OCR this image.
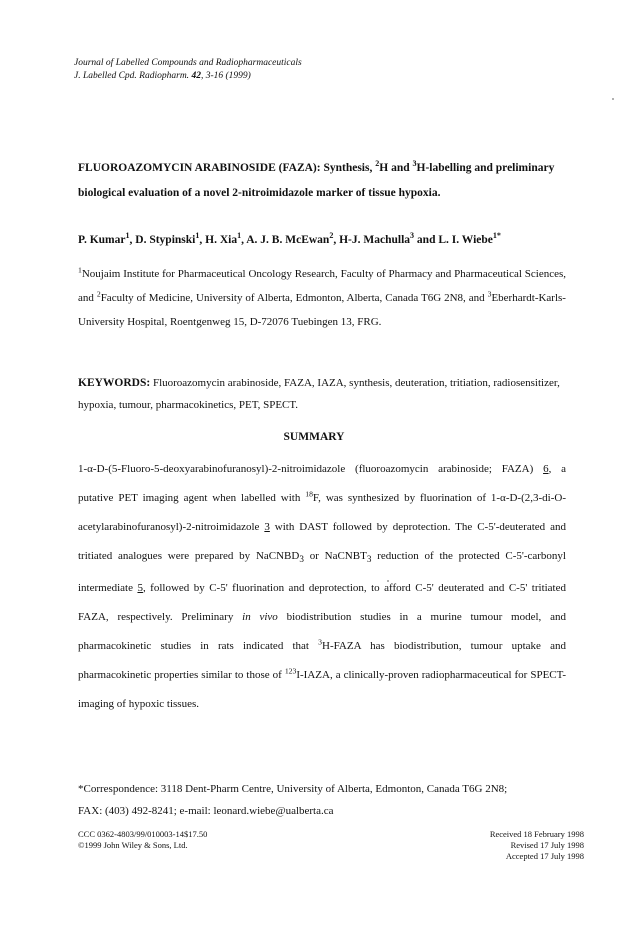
Journal of Labelled Compounds and Radiopharmaceuticals
J. Labelled Cpd. Radiopharm. 42, 3-16 (1999)
FLUOROAZOMYCIN ARABINOSIDE (FAZA): Synthesis, $^2$H and $^3$H-labelling and preliminary biological evaluation of a novel 2-nitroimidazole marker of tissue hypoxia.
P. Kumar$^1$, D. Stypinski$^1$, H. Xia$^1$, A. J. B. McEwan$^2$, H-J. Machulla$^3$ and L. I. Wiebe$^{1*}$
$^1$Noujaim Institute for Pharmaceutical Oncology Research, Faculty of Pharmacy and Pharmaceutical Sciences, and $^2$Faculty of Medicine, University of Alberta, Edmonton, Alberta, Canada T6G 2N8, and $^3$Eberhardt-Karls-University Hospital, Roentgenweg 15, D-72076 Tuebingen 13, FRG.
KEYWORDS: Fluoroazomycin arabinoside, FAZA, IAZA, synthesis, deuteration, tritiation, radiosensitizer, hypoxia, tumour, pharmacokinetics, PET, SPECT.
SUMMARY
1-α-D-(5-Fluoro-5-deoxyarabinofuranosyl)-2-nitroimidazole (fluoroazomycin arabinoside; FAZA) 6, a putative PET imaging agent when labelled with $^{18}$F, was synthesized by fluorination of 1-α-D-(2,3-di-O-acetylarabinofuranosyl)-2-nitroimidazole 3 with DAST followed by deprotection. The C-5'-deuterated and tritiated analogues were prepared by NaCNBD$_3$ or NaCNBT$_3$ reduction of the protected C-5'-carbonyl intermediate 5, followed by C-5' fluorination and deprotection, to afford C-5' deuterated and C-5' tritiated FAZA, respectively. Preliminary in vivo biodistribution studies in a murine tumour model, and pharmacokinetic studies in rats indicated that $^3$H-FAZA has biodistribution, tumour uptake and pharmacokinetic properties similar to those of $^{123}$I-IAZA, a clinically-proven radiopharmaceutical for SPECT-imaging of hypoxic tissues.
*Correspondence: 3118 Dent-Pharm Centre, University of Alberta, Edmonton, Canada T6G 2N8;
FAX: (403) 492-8241; e-mail: leonard.wiebe@ualberta.ca
CCC 0362-4803/99/010003-14$17.50
©1999 John Wiley & Sons, Ltd.
Received 18 February 1998
Revised 17 July 1998
Accepted 17 July 1998
